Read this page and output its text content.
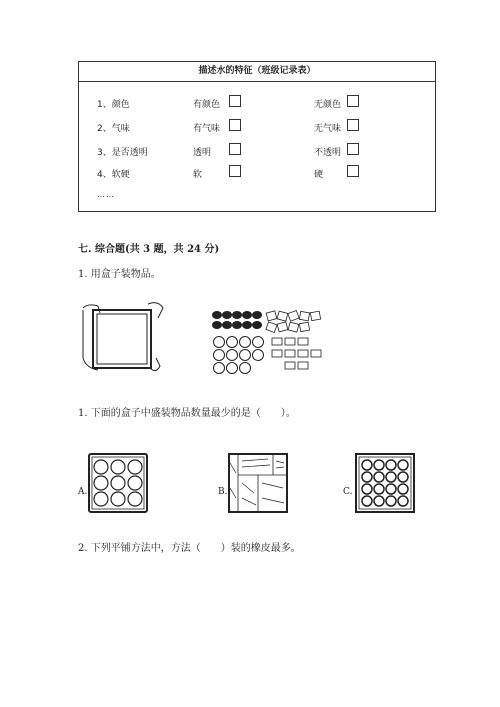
描述水的特征（班级记录表）
1、颜色	有颜色	无颜色
2、气味	有气味	无气味
3、是否透明	透明	不透明
4、软硬	软	硬
……
七. 综合题(共 3 题，共 24 分)
1. 用盒子装物品。
1. 下面的盒子中盛装物品数量最少的是（　　）。
A.	B.	C.
2. 下列平铺方法中，方法（　　）装的橡皮最多。
